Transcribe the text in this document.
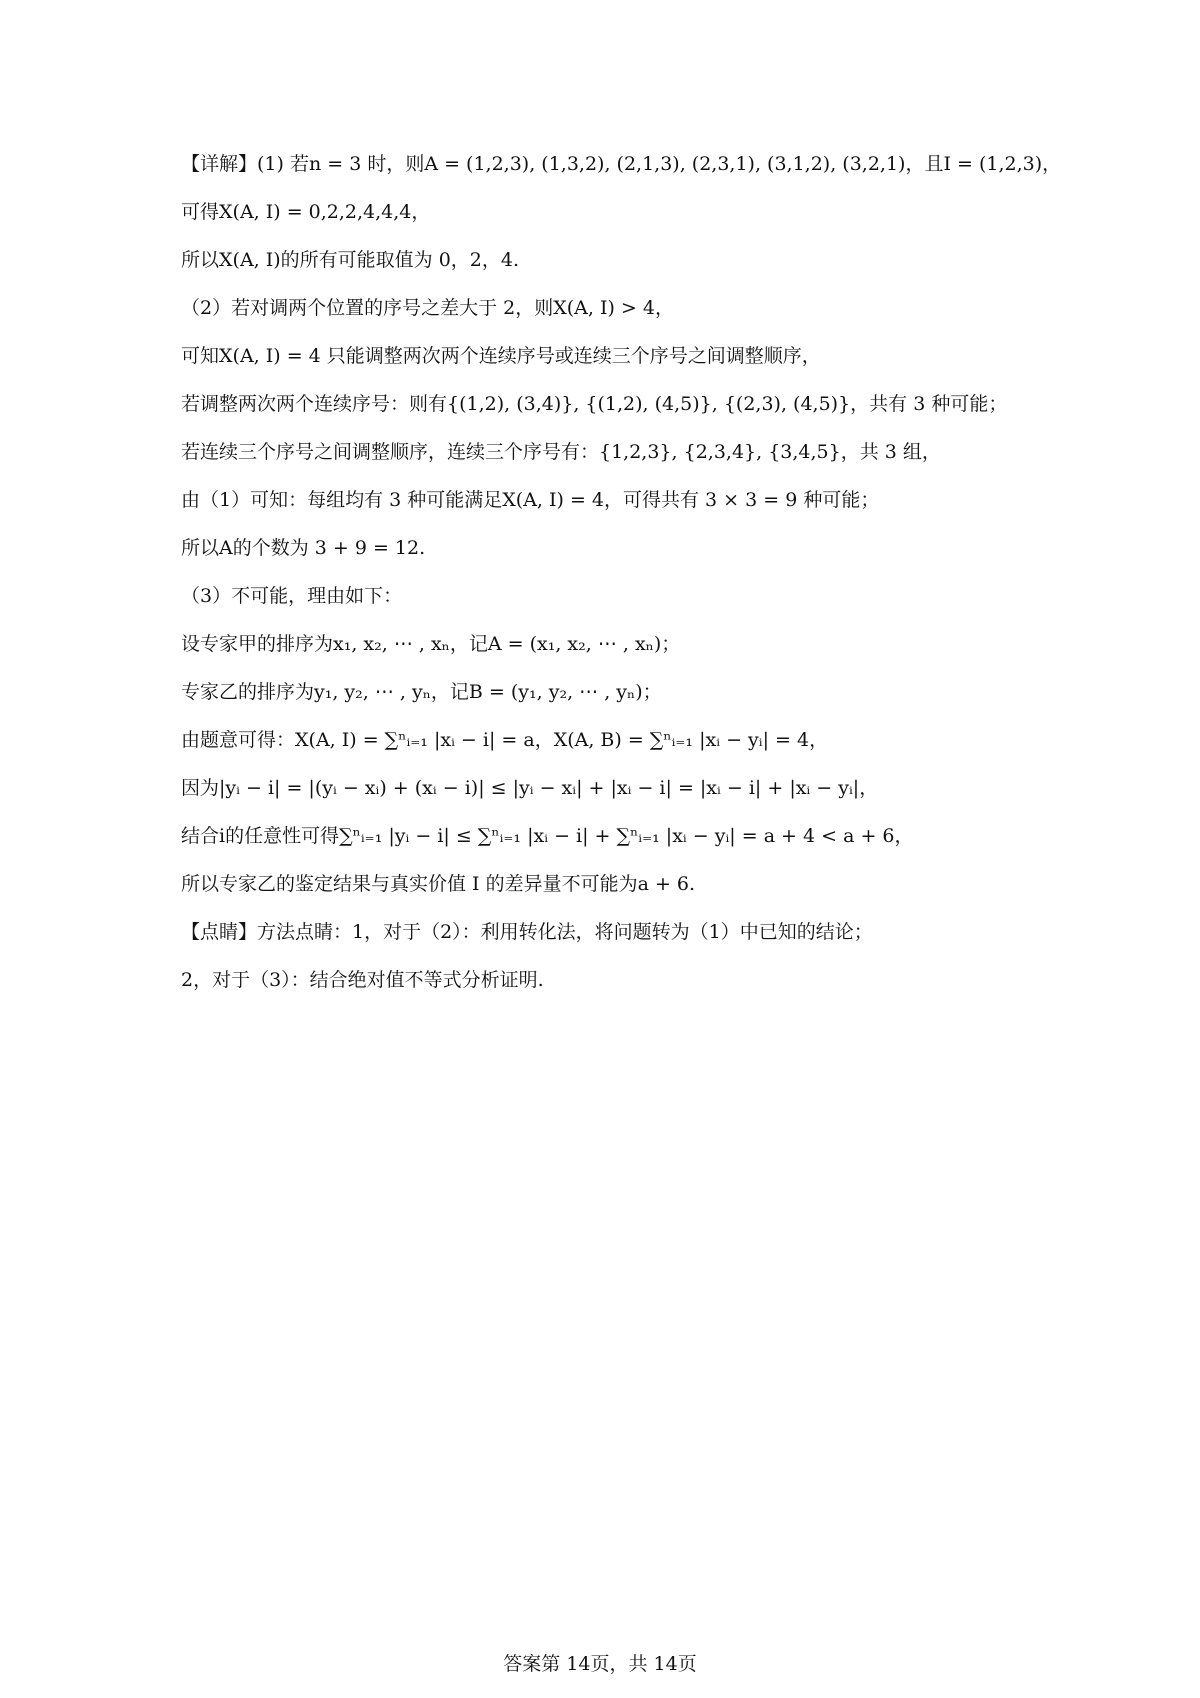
【详解】(1) 若n = 3 时，则A = (1,2,3), (1,3,2), (2,1,3), (2,3,1), (3,1,2), (3,2,1)，且I = (1,2,3)，
可得X(A, I) = 0,2,2,4,4,4，
所以X(A, I)的所有可能取值为 0，2，4.
（2）若对调两个位置的序号之差大于 2，则X(A, I) > 4，
可知X(A, I) = 4 只能调整两次两个连续序号或连续三个序号之间调整顺序，
若调整两次两个连续序号：则有{(1,2), (3,4)}, {(1,2), (4,5)}, {(2,3), (4,5)}，共有 3 种可能；
若连续三个序号之间调整顺序，连续三个序号有：{1,2,3}, {2,3,4}, {3,4,5}，共 3 组，
由（1）可知：每组均有 3 种可能满足X(A, I) = 4，可得共有 3 × 3 = 9 种可能；
所以A的个数为 3 + 9 = 12.
（3）不可能，理由如下：
设专家甲的排序为x₁, x₂, ⋯ , xₙ，记A = (x₁, x₂, ⋯ , xₙ)；
专家乙的排序为y₁, y₂, ⋯ , yₙ，记B = (y₁, y₂, ⋯ , yₙ)；
由题意可得：X(A, I) = ∑ⁿᵢ₌₁ |xᵢ − i| = a，X(A, B) = ∑ⁿᵢ₌₁ |xᵢ − yᵢ| = 4，
因为|yᵢ − i| = |(yᵢ − xᵢ) + (xᵢ − i)| ≤ |yᵢ − xᵢ| + |xᵢ − i| = |xᵢ − i| + |xᵢ − yᵢ|，
结合i的任意性可得∑ⁿᵢ₌₁ |yᵢ − i| ≤ ∑ⁿᵢ₌₁ |xᵢ − i| + ∑ⁿᵢ₌₁ |xᵢ − yᵢ| = a + 4 < a + 6，
所以专家乙的鉴定结果与真实价值 I 的差异量不可能为a + 6.
【点睛】方法点睛：1，对于（2）：利用转化法，将问题转为（1）中已知的结论；
2，对于（3）：结合绝对值不等式分析证明.
答案第 14页，共 14页
